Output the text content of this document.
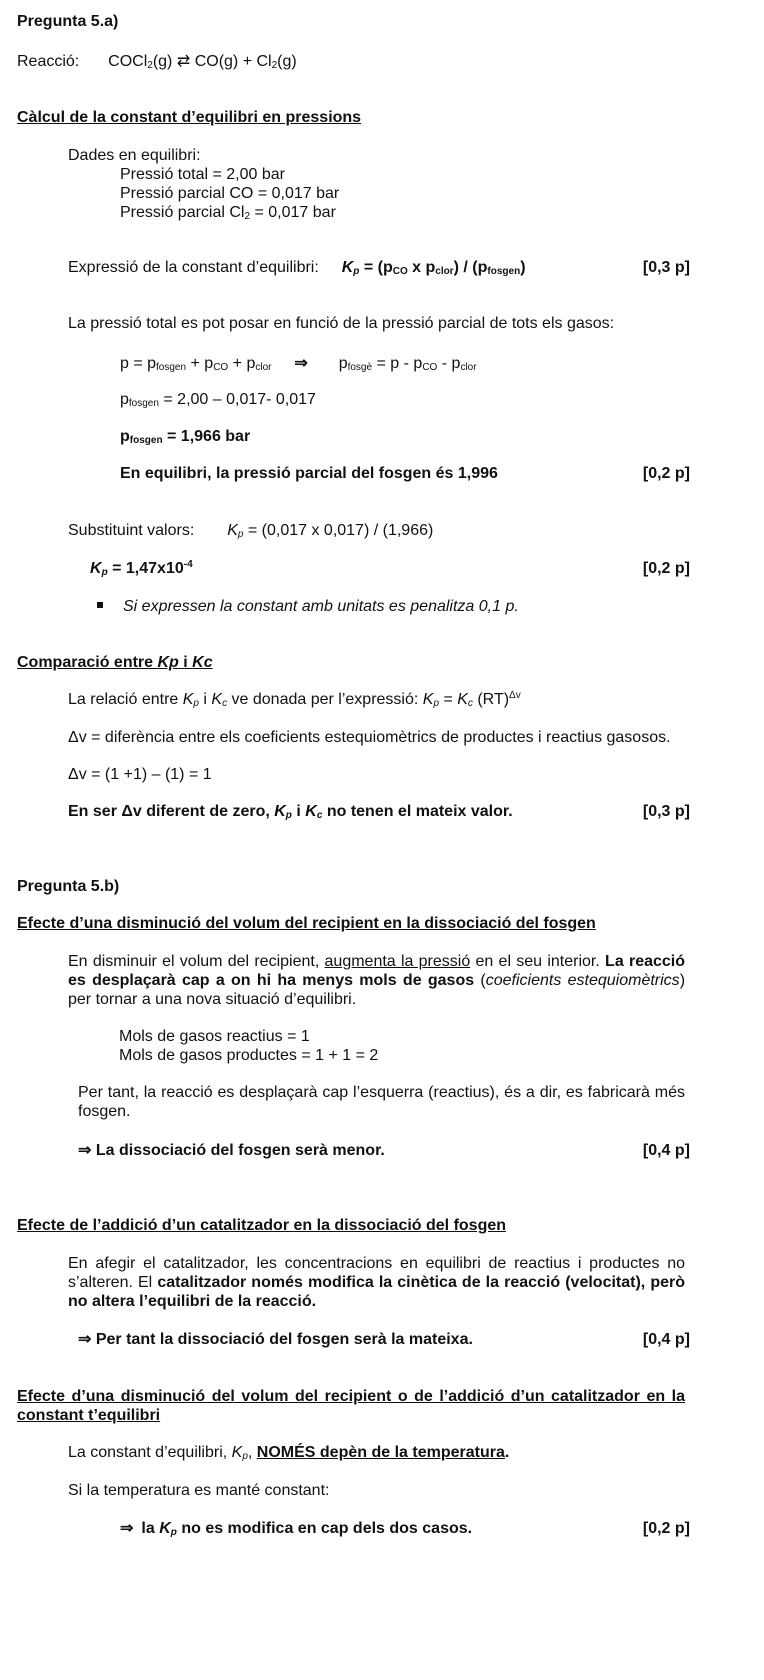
Pregunta 5.a)
Reacció: COCl$_2$(g) ⇄ $CO(g) + Cl_2(g)$
Càlcul de la constant d’equilibri en pressions
Dades en equilibri:
Pressió total = 2,00 bar
Pressió parcial CO = 0,017 bar
Pressió parcial $Cl_2 = 0,017$ bar
Expressió de la constant d’equilibri: $K_p = (p_{CO}$ x $p_{clor}) / (p_{fosgen})$	[0,3 p]
La pressió total es pot posar en funció de la pressió parcial de tots els gasos:
$p = p_{fosgen} + p_{CO} + p_{clor}$ ⇒ $p_{fosgè} = p - p_{CO} - p_{clor}$
$p_{fosgen} = 2,00 - 0,017-$ 0,017
$p_{fosgen} = 1,966$ bar
En equilibri, la pressió parcial del fosgen és 1,996	[0,2 p]
Substituint valors: $K_p = (0,017$ x 0,017) / (1,966)
$K_p = 1,47x10^{-4}$	[0,2 p]
Si expressen la constant amb unitats es penalitza 0,1 p.
Comparació entre Kp i Kc
La relació entre $K_p$ i $K_c$ ve donada per l’expressió: $K_p = K_c$ (RT)$^{\Delta v}$
Δv = diferència entre els coeficients estequiomètrics de productes i reactius gasosos.
Δv = (1 +1) – (1) = 1
En ser Δv diferent de zero, $K_p$ i $K_c$ no tenen el mateix valor.	[0,3 p]
Pregunta 5.b)
Efecte d’una disminució del volum del recipient en la dissociació del fosgen
En disminuir el volum del recipient, augmenta la pressió en el seu interior. La reacció es desplaçarà cap a on hi ha menys mols de gasos (coeficients estequiomètrics) per tornar a una nova situació d’equilibri.
Mols de gasos reactius = 1
Mols de gasos productes = 1 + 1 = 2
Per tant, la reacció es desplaçarà cap l’esquerra (reactius), és a dir, es fabricarà més fosgen.
⇒ La dissociació del fosgen serà menor.	[0,4 p]
Efecte de l’addició d’un catalitzador en la dissociació del fosgen
En afegir el catalitzador, les concentracions en equilibri de reactius i productes no s’alteren. El catalitzador només modifica la cinètica de la reacció (velocitat), però no altera l’equilibri de la reacció.
⇒ Per tant la dissociació del fosgen serà la mateixa.	[0,4 p]
Efecte d’una disminució del volum del recipient o de l’addició d’un catalitzador en la constant t’equilibri
La constant d’equilibri, $K_p$, NOMÉS depèn de la temperatura.
Si la temperatura es manté constant:
⇒ la $K_p$ no es modifica en cap dels dos casos.	[0,2 p]
